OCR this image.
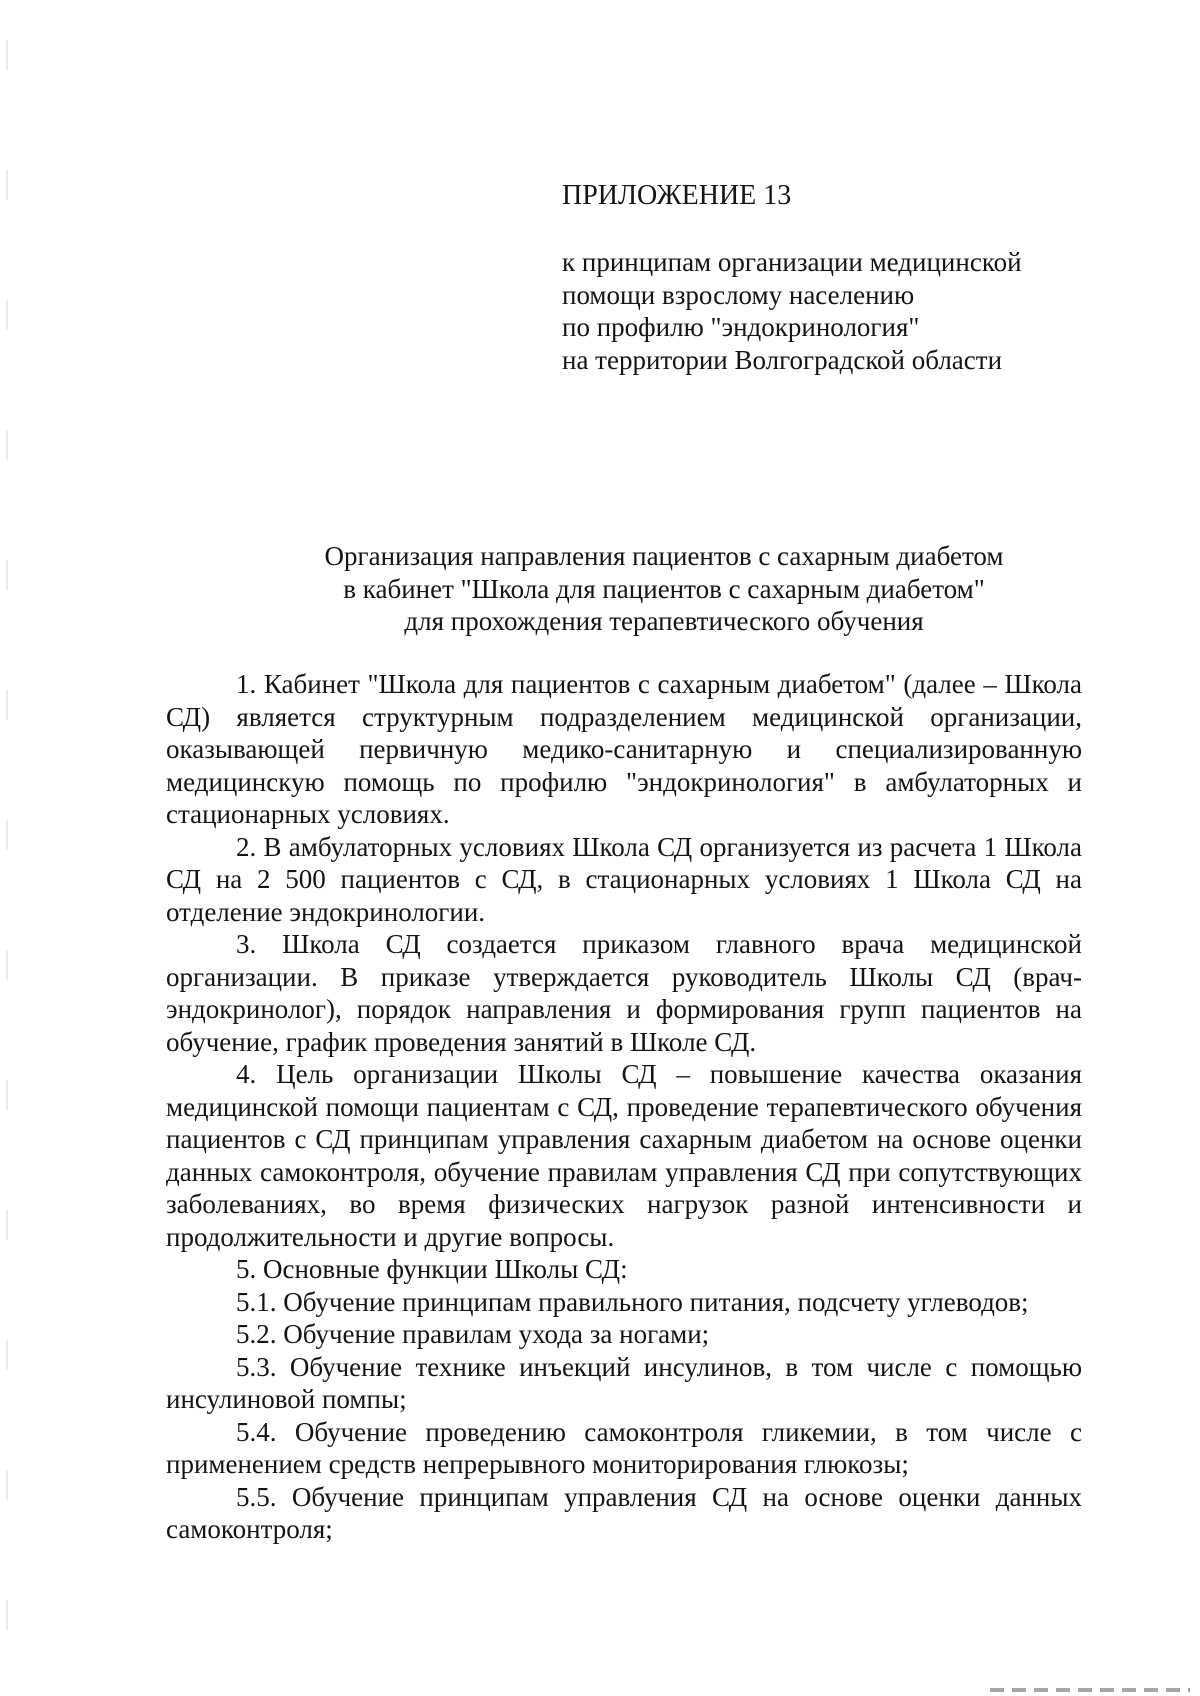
ПРИЛОЖЕНИЕ 13
к принципам организации медицинской
помощи взрослому населению
по профилю "эндокринология"
на территории Волгоградской области
Организация направления пациентов с сахарным диабетом
в кабинет "Школа для пациентов с сахарным диабетом"
для прохождения терапевтического обучения

1. Кабинет "Школа для пациентов с сахарным диабетом" (далее – Школа СД) является структурным подразделением медицинской организации, оказывающей первичную медико-санитарную и специализированную медицинскую помощь по профилю "эндокринология" в амбулаторных и стационарных условиях.

2. В амбулаторных условиях Школа СД организуется из расчета 1 Школа СД на 2 500 пациентов с СД, в стационарных условиях 1 Школа СД на отделение эндокринологии.

3. Школа СД создается приказом главного врача медицинской организации. В приказе утверждается руководитель Школы СД (врач-эндокринолог), порядок направления и формирования групп пациентов на обучение, график проведения занятий в Школе СД.

4. Цель организации Школы СД – повышение качества оказания медицинской помощи пациентам с СД, проведение терапевтического обучения пациентов с СД принципам управления сахарным диабетом на основе оценки данных самоконтроля, обучение правилам управления СД при сопутствующих заболеваниях, во время физических нагрузок разной интенсивности и продолжительности и другие вопросы.

5. Основные функции Школы СД:

5.1. Обучение принципам правильного питания, подсчету углеводов;

5.2. Обучение правилам ухода за ногами;

5.3. Обучение технике инъекций инсулинов, в том числе с помощью инсулиновой помпы;

5.4. Обучение проведению самоконтроля гликемии, в том числе с применением средств непрерывного мониторирования глюкозы;

5.5. Обучение принципам управления СД на основе оценки данных самоконтроля;
